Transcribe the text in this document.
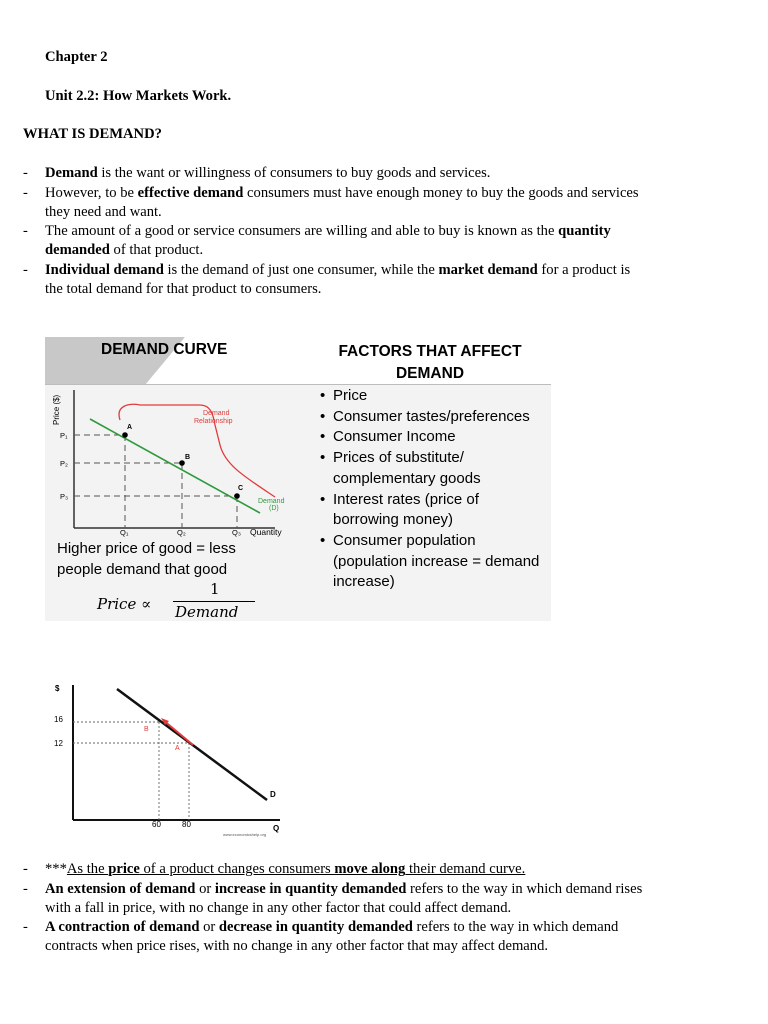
Chapter 2
Unit 2.2: How Markets Work.
WHAT IS DEMAND?
- Demand is the want or willingness of consumers to buy goods and services.
- However, to be effective demand consumers must have enough money to buy the goods and services
they need and want.
- The amount of a good or service consumers are willing and able to buy is known as the quantity
demanded of that product.
- Individual demand is the demand of just one consumer, while the market demand for a product is
the total demand for that product to consumers.
DEMAND CURVE	FACTORS THAT AFFECT DEMAND
• Price
• Consumer tastes/preferences
• Consumer Income
• Prices of substitute/ complementary goods
• Interest rates (price of borrowing money)
• Consumer population (population increase = demand increase)
Price ($)
Quantity
P₁
P₂
P₃
Q₁	Q₂	Q₃
A
B
C
Demand
Relationship
Demand
(D)
Higher price of good = less
people demand that good
Price ∝
1
Demand
$
Q
16
12
60	80
D
B
A
www.economicshelp.org
- ***As the price of a product changes consumers move along their demand curve.
- An extension of demand or increase in quantity demanded refers to the way in which demand rises
with a fall in price, with no change in any other factor that could affect demand.
- A contraction of demand or decrease in quantity demanded refers to the way in which demand
contracts when price rises, with no change in any other factor that may affect demand.
